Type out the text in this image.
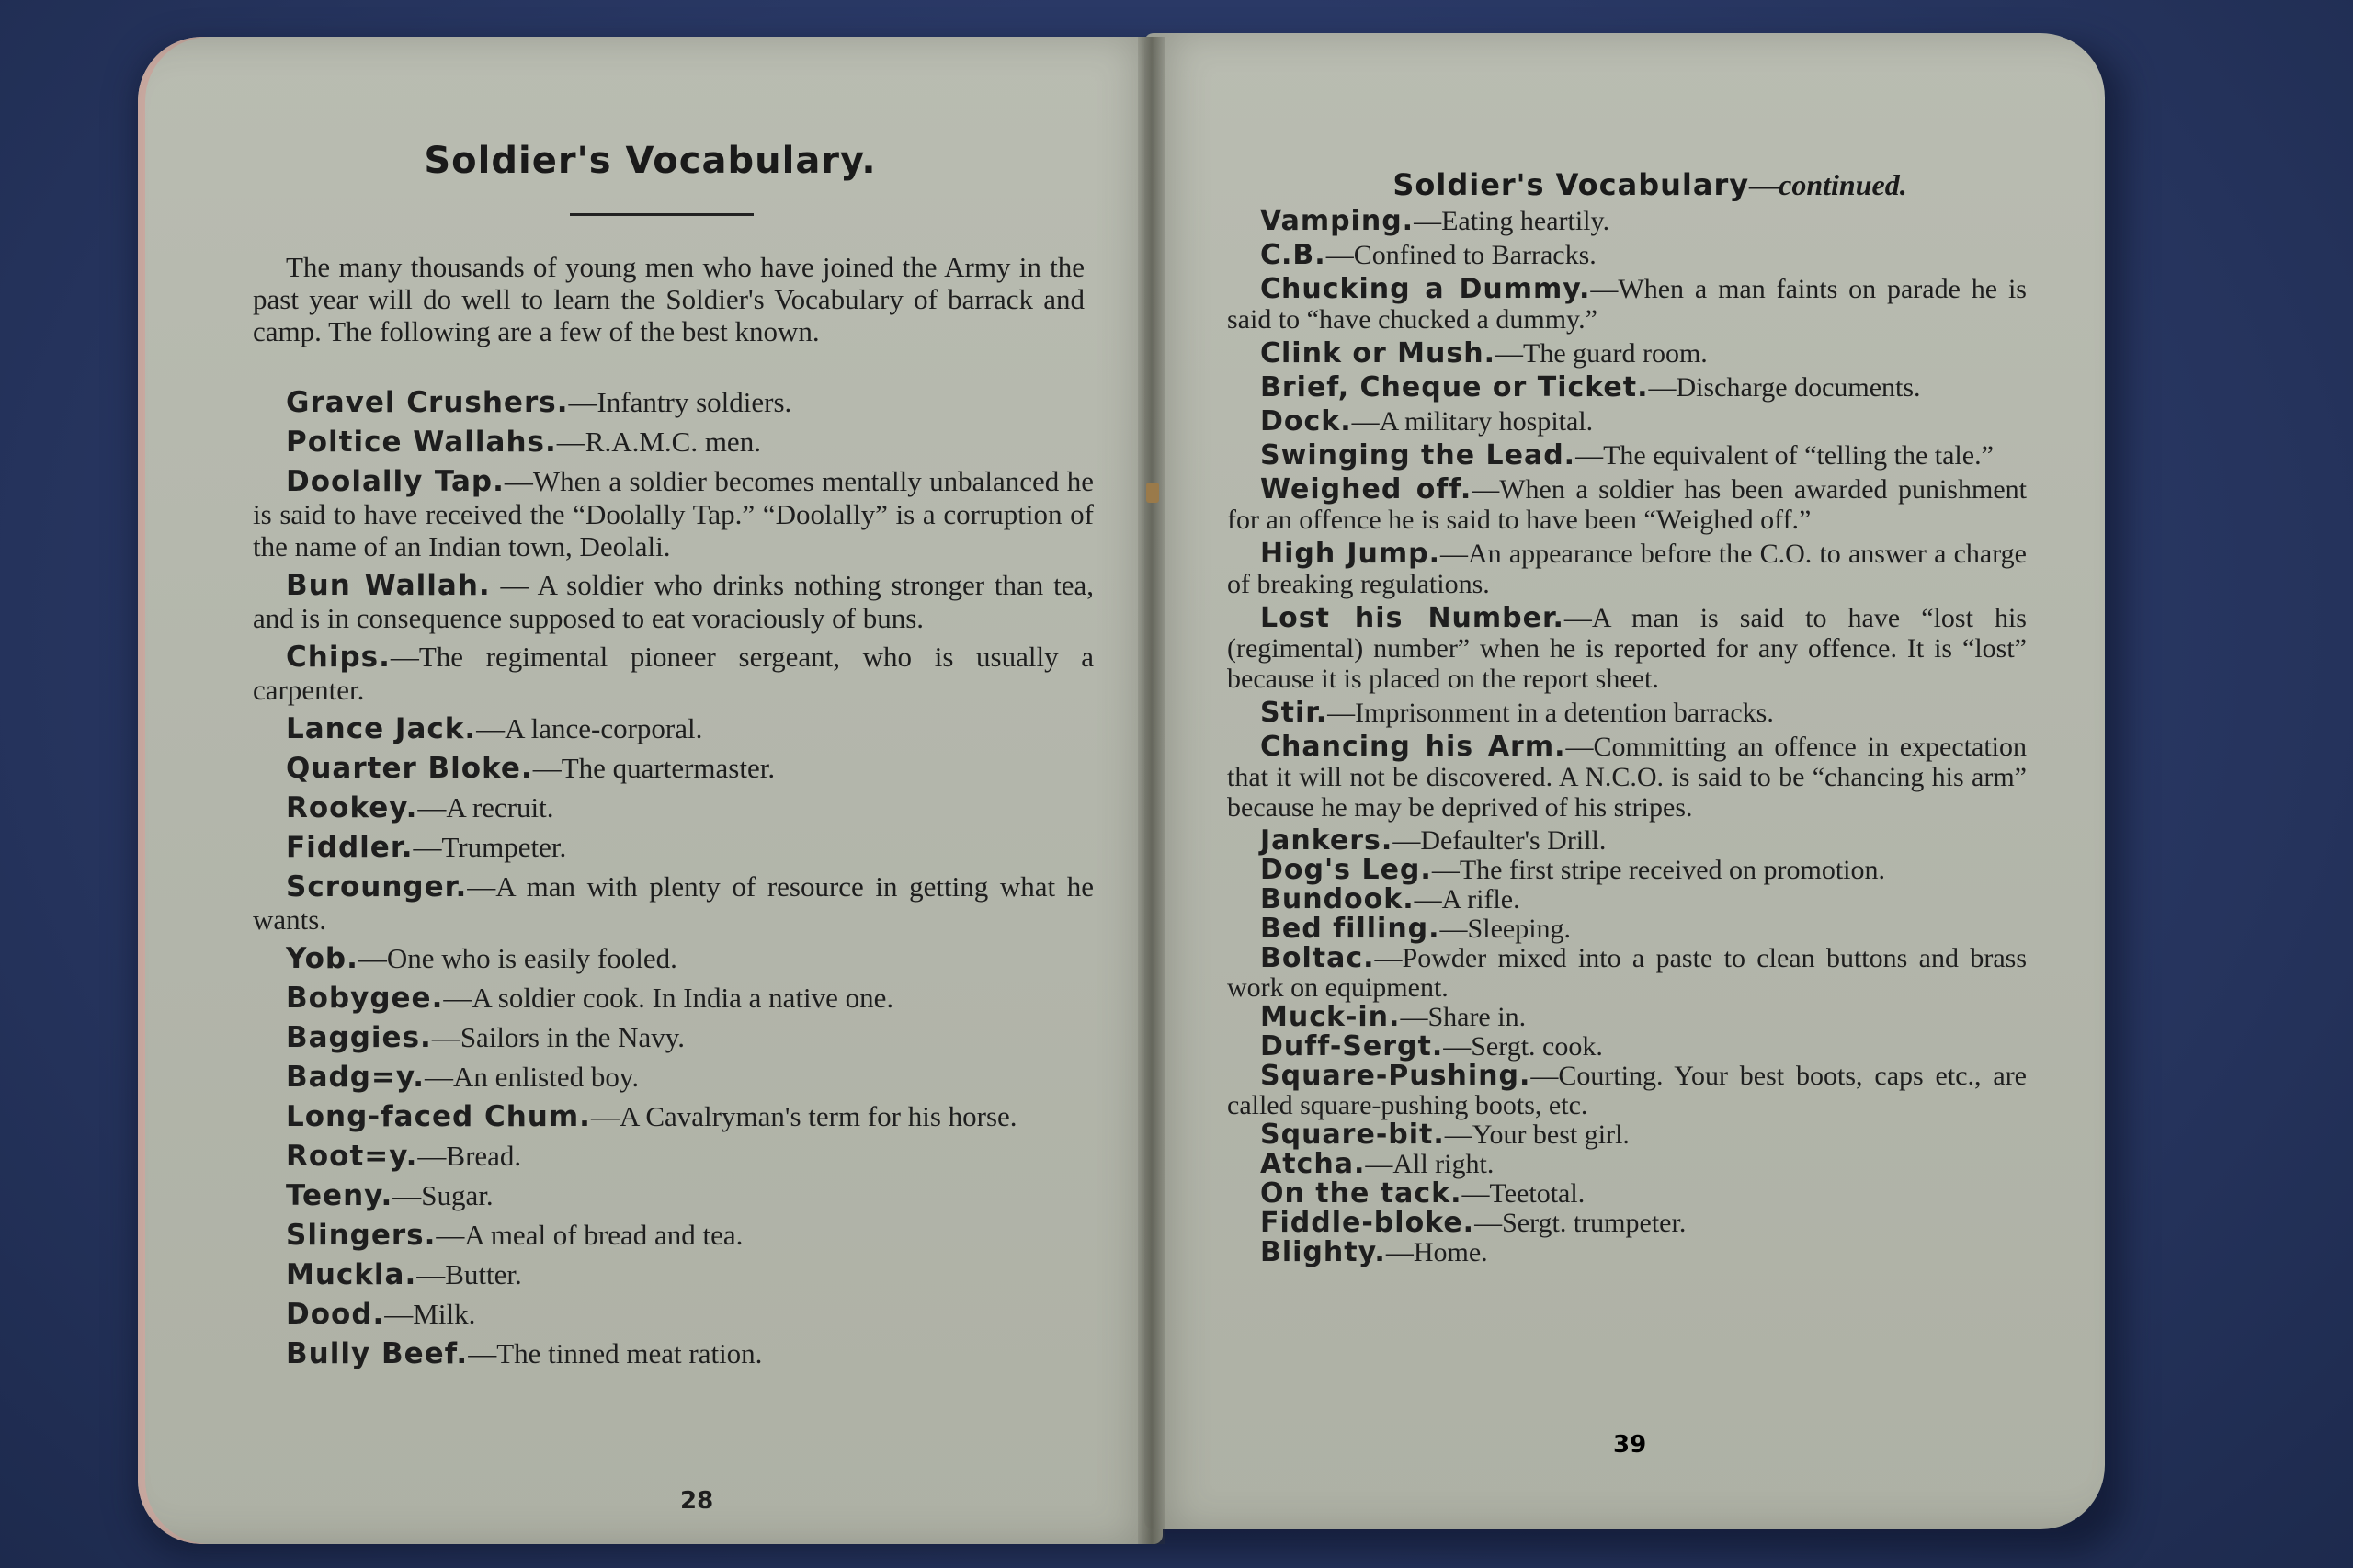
Soldier's Vocabulary.
The many thousands of young men who have joined the Army in the past year will do well to learn the Soldier's Vocabulary of barrack and camp. The following are a few of the best known.
Gravel Crushers.—Infantry soldiers.
Poltice Wallahs.—R.A.M.C. men.
Doolally Tap.—When a soldier becomes mentally unbalanced he is said to have received the “Doolally Tap.” “Doolally” is a corruption of the name of an Indian town, Deolali.
Bun Wallah. — A soldier who drinks nothing stronger than tea, and is in consequence supposed to eat voraciously of buns.
Chips.—The regimental pioneer sergeant, who is usually a carpenter.
Lance Jack.—A lance-corporal.
Quarter Bloke.—The quartermaster.
Rookey.—A recruit.
Fiddler.—Trumpeter.
Scrounger.—A man with plenty of resource in getting what he wants.
Yob.—One who is easily fooled.
Bobygee.—A soldier cook. In India a native one.
Baggies.—Sailors in the Navy.
Badg=y.—An enlisted boy.
Long-faced Chum.—A Cavalryman's term for his horse.
Root=y.—Bread.
Teeny.—Sugar.
Slingers.—A meal of bread and tea.
Muckla.—Butter.
Dood.—Milk.
Bully Beef.—The tinned meat ration.
28
Soldier's Vocabulary—continued.
Vamping.—Eating heartily.
C.B.—Confined to Barracks.
Chucking a Dummy.—When a man faints on parade he is said to “have chucked a dummy.”
Clink or Mush.—The guard room.
Brief, Cheque or Ticket.—Discharge documents.
Dock.—A military hospital.
Swinging the Lead.—The equivalent of “telling the tale.”
Weighed off.—When a soldier has been awarded punishment for an offence he is said to have been “Weighed off.”
High Jump.—An appearance before the C.O. to answer a charge of breaking regulations.
Lost his Number.—A man is said to have “lost his (regimental) number” when he is reported for any offence. It is “lost” because it is placed on the report sheet.
Stir.—Imprisonment in a detention barracks.
Chancing his Arm.—Committing an offence in expectation that it will not be discovered. A N.C.O. is said to be “chancing his arm” because he may be deprived of his stripes.
Jankers.—Defaulter's Drill.
Dog's Leg.—The first stripe received on promotion.
Bundook.—A rifle.
Bed filling.—Sleeping.
Boltac.—Powder mixed into a paste to clean buttons and brass work on equipment.
Muck-in.—Share in.
Duff-Sergt.—Sergt. cook.
Square-Pushing.—Courting. Your best boots, caps etc., are called square-pushing boots, etc.
Square-bit.—Your best girl.
Atcha.—All right.
On the tack.—Teetotal.
Fiddle-bloke.—Sergt. trumpeter.
Blighty.—Home.
39
